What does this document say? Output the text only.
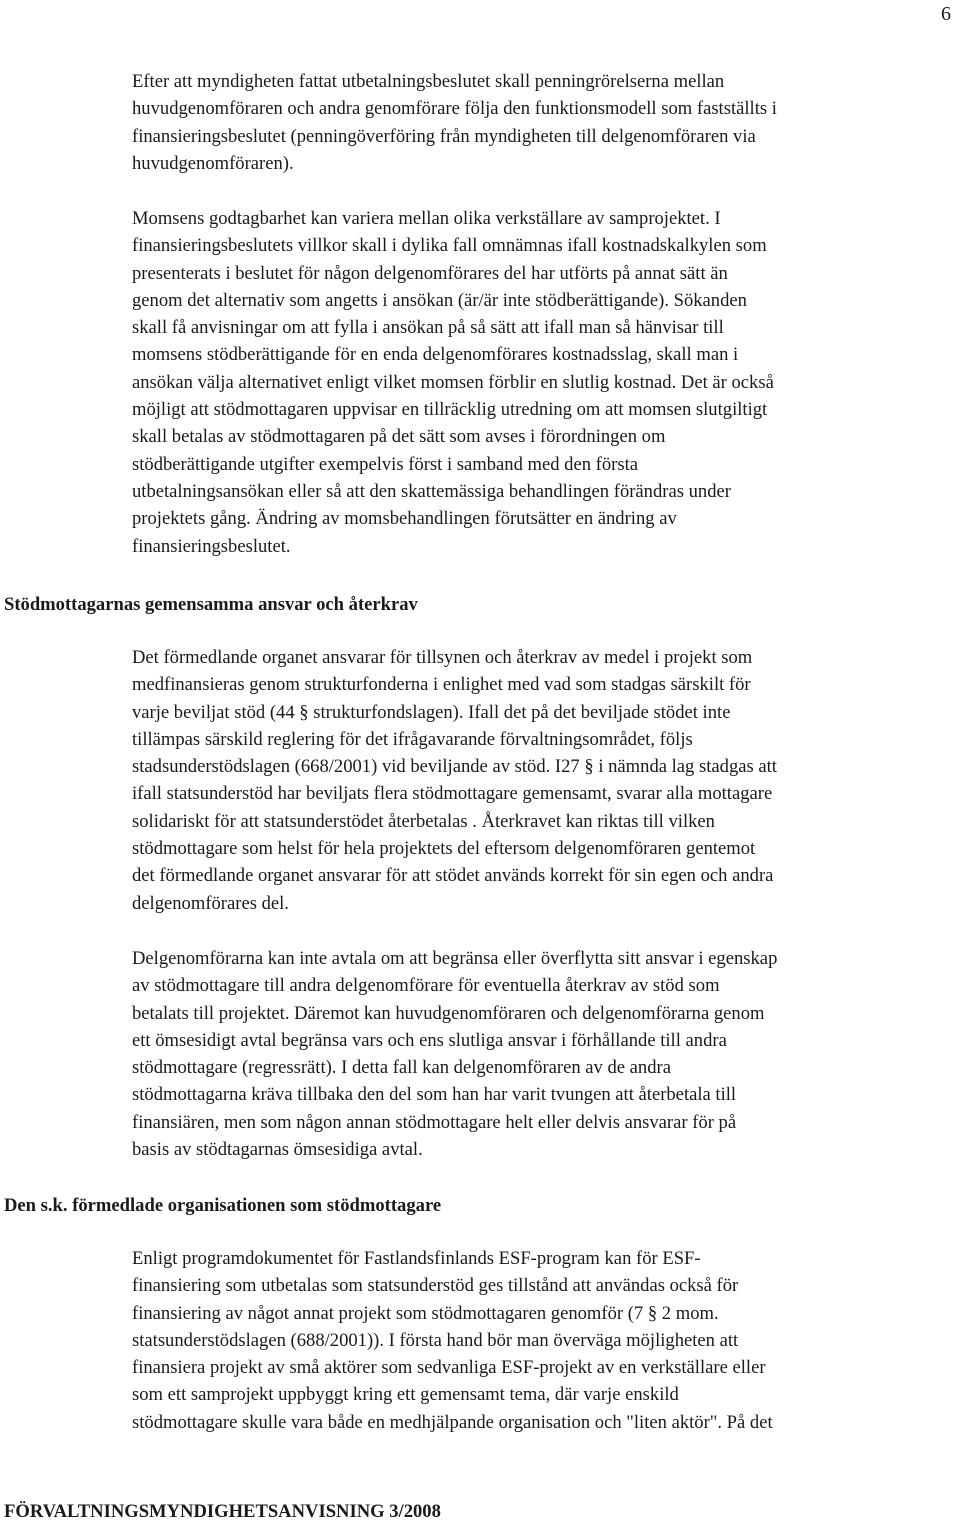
6

Efter att myndigheten fattat utbetalningsbeslutet skall penningrörelserna mellan
huvudgenomföraren och andra genomförare följa den funktionsmodell som fastställts i
finansieringsbeslutet (penningöverföring från myndigheten till delgenomföraren via
huvudgenomföraren).

Momsens godtagbarhet kan variera mellan olika verkställare av samprojektet. I
finansieringsbeslutets villkor skall i dylika fall omnämnas ifall kostnadskalkylen som
presenterats i beslutet för någon delgenomförares del har utförts på annat sätt än
genom det alternativ som angetts i ansökan (är/är inte stödberättigande). Sökanden
skall få anvisningar om att fylla i ansökan på så sätt att ifall man så hänvisar till
momsens stödberättigande för en enda delgenomförares kostnadsslag, skall man i
ansökan välja alternativet enligt vilket momsen förblir en slutlig kostnad. Det är också
möjligt att stödmottagaren uppvisar en tillräcklig utredning om att momsen slutgiltigt
skall betalas av stödmottagaren på det sätt som avses i förordningen om
stödberättigande utgifter exempelvis först i samband med den första
utbetalningsansökan eller så att den skattemässiga behandlingen förändras under
projektets gång. Ändring av momsbehandlingen förutsätter en ändring av
finansieringsbeslutet.

Stödmottagarnas gemensamma ansvar och återkrav

Det förmedlande organet ansvarar för tillsynen och återkrav av medel i projekt som
medfinansieras genom strukturfonderna i enlighet med vad som stadgas särskilt för
varje beviljat stöd (44 § strukturfondslagen). Ifall det på det beviljade stödet inte
tillämpas särskild reglering för det ifrågavarande förvaltningsområdet, följs
stadsunderstödslagen (668/2001) vid beviljande av stöd. I27 § i nämnda lag stadgas att
ifall statsunderstöd har beviljats flera stödmottagare gemensamt, svarar alla mottagare
solidariskt för att statsunderstödet återbetalas . Återkravet kan riktas till vilken
stödmottagare som helst för hela projektets del eftersom delgenomföraren gentemot
det förmedlande organet ansvarar för att stödet används korrekt för sin egen och andra
delgenomförares del.

Delgenomförarna kan inte avtala om att begränsa eller överflytta sitt ansvar i egenskap
av stödmottagare till andra delgenomförare för eventuella återkrav av stöd som
betalats till projektet. Däremot kan huvudgenomföraren och delgenomförarna genom
ett ömsesidigt avtal begränsa vars och ens slutliga ansvar i förhållande till andra
stödmottagare (regressrätt). I detta fall kan delgenomföraren av de andra
stödmottagarna kräva tillbaka den del som han har varit tvungen att återbetala till
finansiären, men som någon annan stödmottagare helt eller delvis ansvarar för på
basis av stödtagarnas ömsesidiga avtal.

Den s.k. förmedlade organisationen som stödmottagare

Enligt programdokumentet för Fastlandsfinlands ESF-program kan för ESF-
finansiering som utbetalas som statsunderstöd ges tillstånd att användas också för
finansiering av något annat projekt som stödmottagaren genomför (7 § 2 mom.
statsunderstödslagen (688/2001)). I första hand bör man överväga möjligheten att
finansiera projekt av små aktörer som sedvanliga ESF-projekt av en verkställare eller
som ett samprojekt uppbyggt kring ett gemensamt tema, där varje enskild
stödmottagare skulle vara både en medhjälpande organisation och "liten aktör". På det

FÖRVALTNINGSMYNDIGHETSANVISNING 3/2008
